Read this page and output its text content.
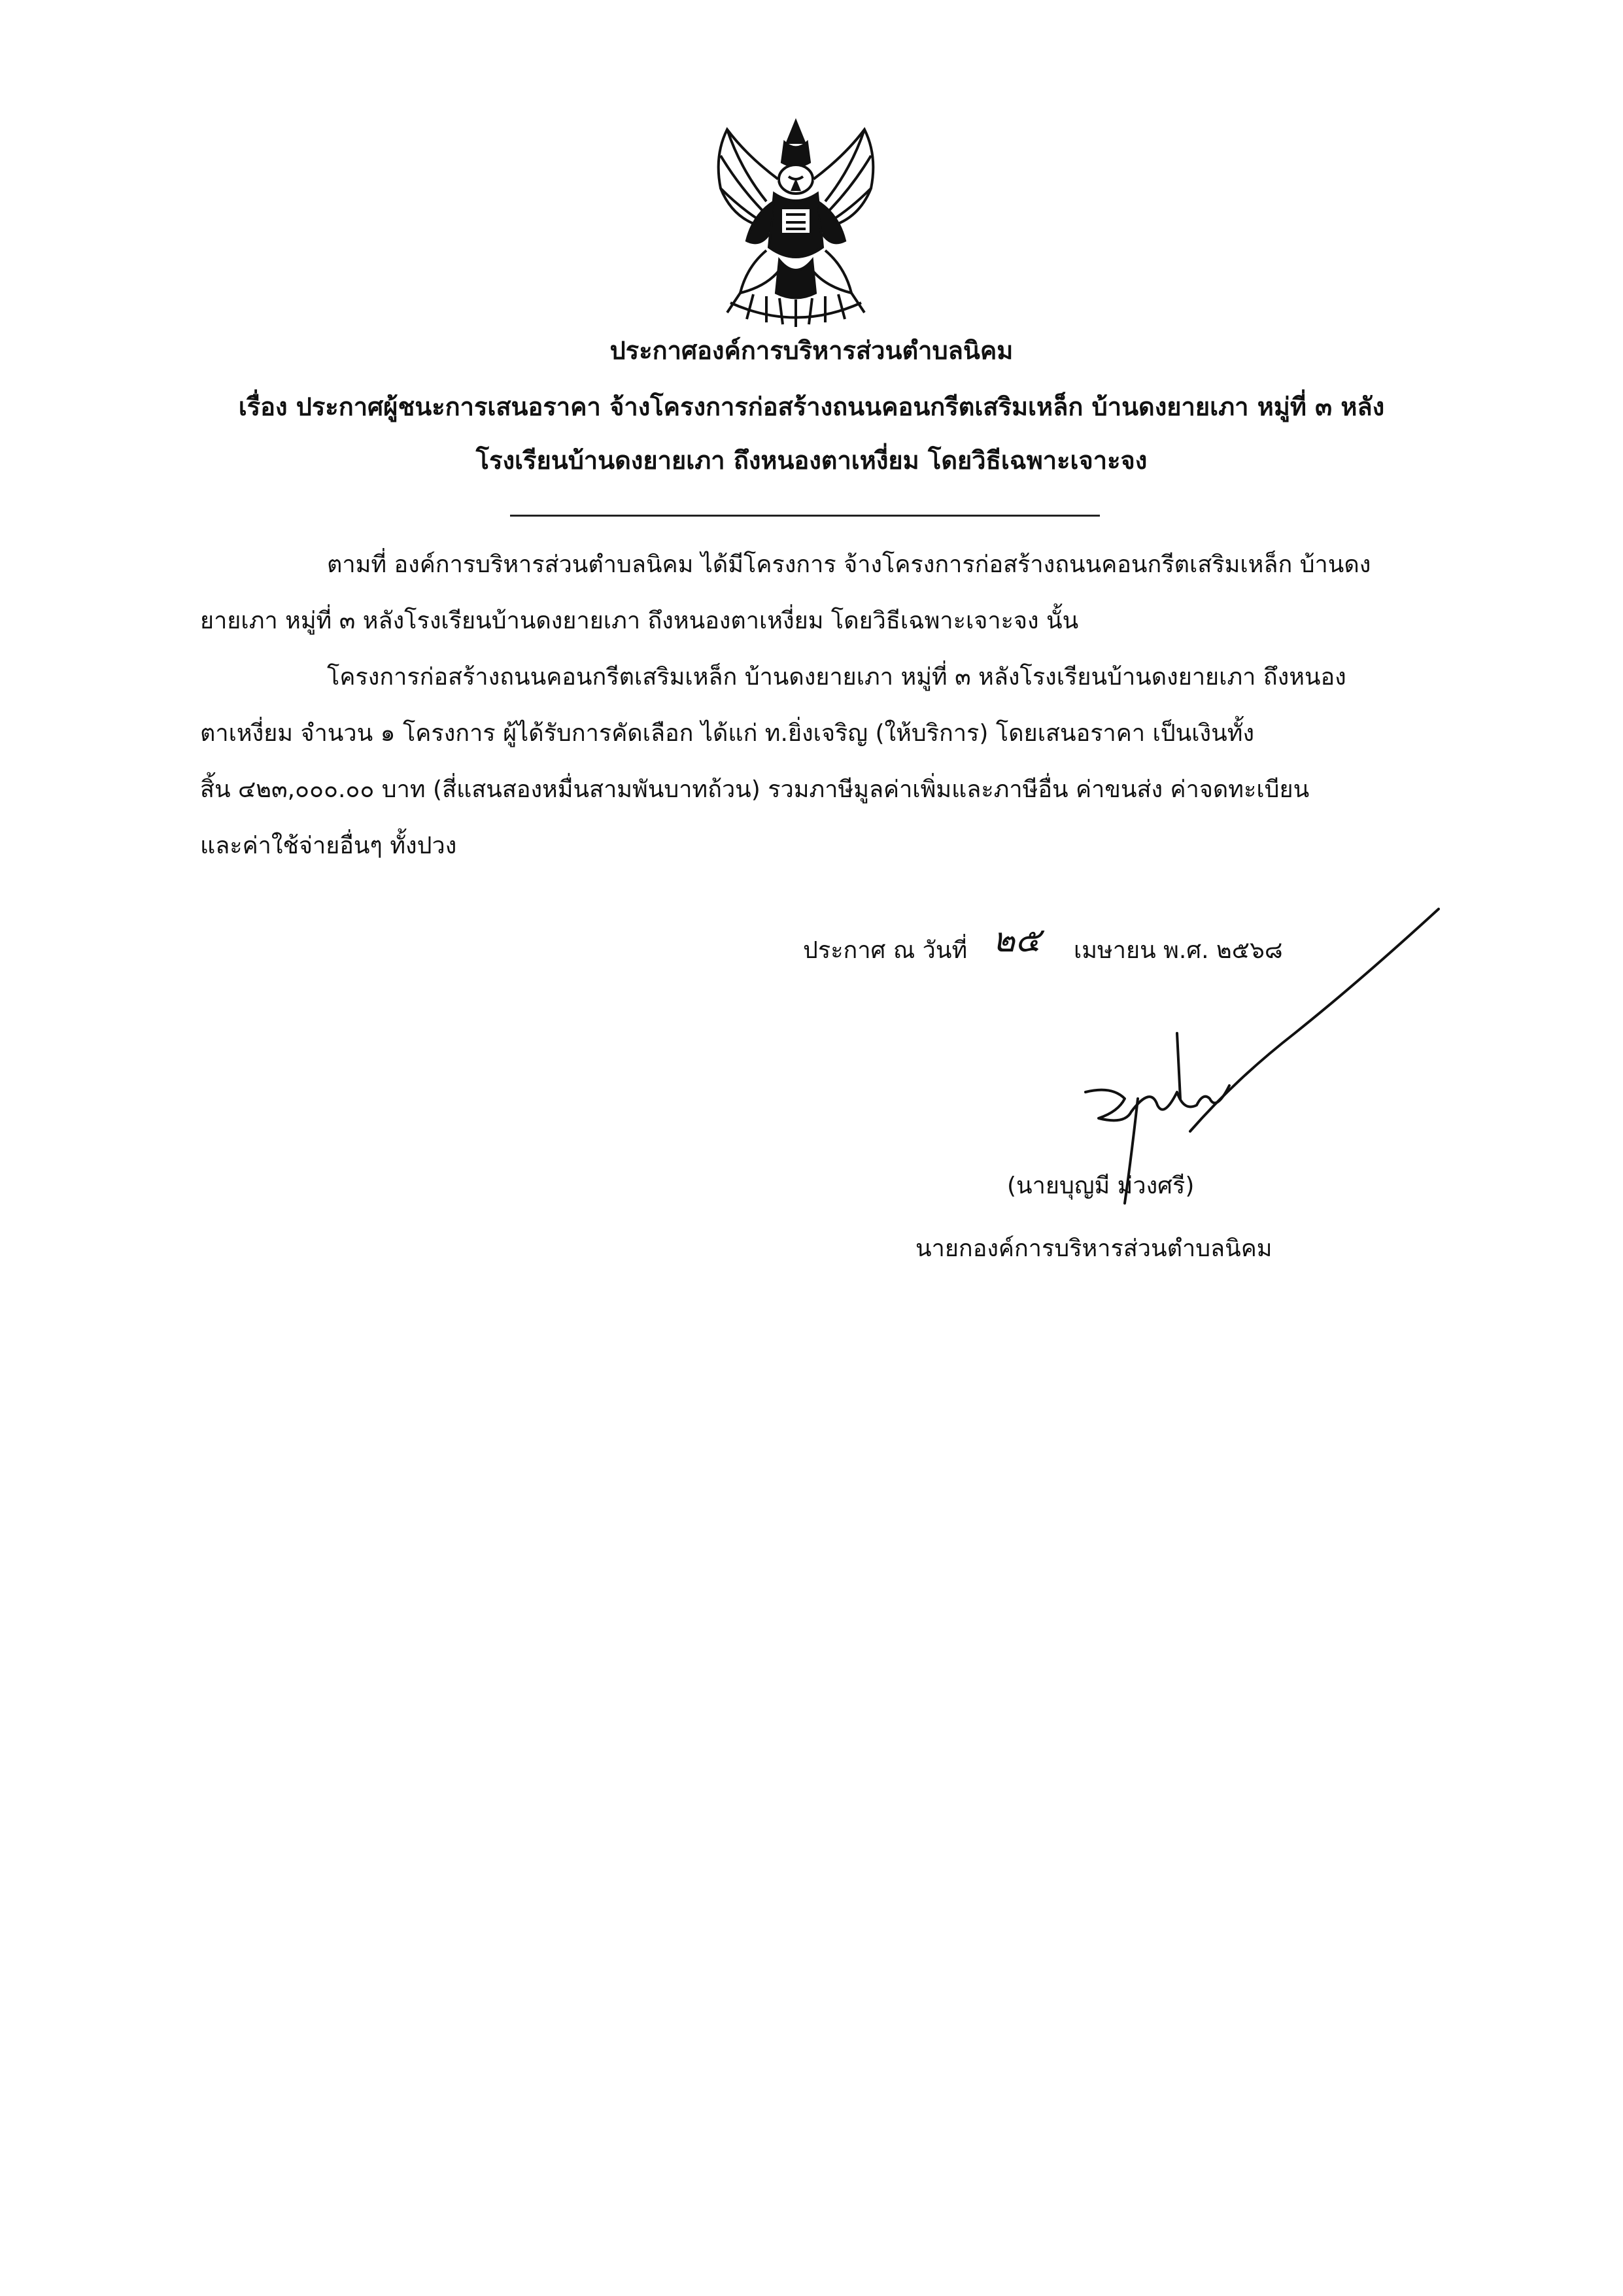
ประกาศองค์การบริหารส่วนตำบลนิคม
เรื่อง ประกาศผู้ชนะการเสนอราคา จ้างโครงการก่อสร้างถนนคอนกรีตเสริมเหล็ก บ้านดงยายเภา หมู่ที่ ๓ หลัง
โรงเรียนบ้านดงยายเภา ถึงหนองตาเหงี่ยม โดยวิธีเฉพาะเจาะจง
ตามที่ องค์การบริหารส่วนตำบลนิคม ได้มีโครงการ จ้างโครงการก่อสร้างถนนคอนกรีตเสริมเหล็ก บ้านดง
ยายเภา หมู่ที่ ๓ หลังโรงเรียนบ้านดงยายเภา ถึงหนองตาเหงี่ยม โดยวิธีเฉพาะเจาะจง นั้น
โครงการก่อสร้างถนนคอนกรีตเสริมเหล็ก บ้านดงยายเภา หมู่ที่ ๓ หลังโรงเรียนบ้านดงยายเภา ถึงหนอง
ตาเหงี่ยม จำนวน ๑ โครงการ ผู้ได้รับการคัดเลือก ได้แก่ ท.ยิ่งเจริญ (ให้บริการ) โดยเสนอราคา เป็นเงินทั้ง
สิ้น ๔๒๓,๐๐๐.๐๐ บาท (สี่แสนสองหมื่นสามพันบาทถ้วน) รวมภาษีมูลค่าเพิ่มและภาษีอื่น ค่าขนส่ง ค่าจดทะเบียน
และค่าใช้จ่ายอื่นๆ ทั้งปวง
ประกาศ ณ วันที่ ๒๕ เมษายน พ.ศ. ๒๕๖๘
(นายบุญมี ม่วงศรี)
นายกองค์การบริหารส่วนตำบลนิคม
